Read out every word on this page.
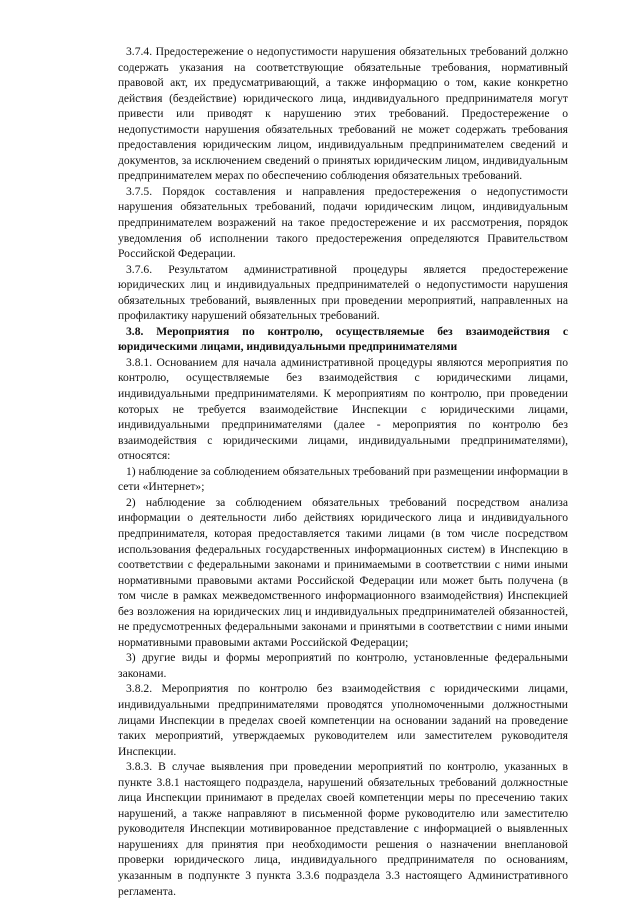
3.7.4. Предостережение о недопустимости нарушения обязательных требований должно содержать указания на соответствующие обязательные требования, нормативный правовой акт, их предусматривающий, а также информацию о том, какие конкретно действия (бездействие) юридического лица, индивидуального предпринимателя могут привести или приводят к нарушению этих требований. Предостережение о недопустимости нарушения обязательных требований не может содержать требования предоставления юридическим лицом, индивидуальным предпринимателем сведений и документов, за исключением сведений о принятых юридическим лицом, индивидуальным предпринимателем мерах по обеспечению соблюдения обязательных требований.

3.7.5. Порядок составления и направления предостережения о недопустимости нарушения обязательных требований, подачи юридическим лицом, индивидуальным предпринимателем возражений на такое предостережение и их рассмотрения, порядок уведомления об исполнении такого предостережения определяются Правительством Российской Федерации.

3.7.6. Результатом административной процедуры является предостережение юридических лиц и индивидуальных предпринимателей о недопустимости нарушения обязательных требований, выявленных при проведении мероприятий, направленных на профилактику нарушений обязательных требований.

3.8. Мероприятия по контролю, осуществляемые без взаимодействия с юридическими лицами, индивидуальными предпринимателями

3.8.1. Основанием для начала административной процедуры являются мероприятия по контролю, осуществляемые без взаимодействия с юридическими лицами, индивидуальными предпринимателями. К мероприятиям по контролю, при проведении которых не требуется взаимодействие Инспекции с юридическими лицами, индивидуальными предпринимателями (далее - мероприятия по контролю без взаимодействия с юридическими лицами, индивидуальными предпринимателями), относятся:

1) наблюдение за соблюдением обязательных требований при размещении информации в сети «Интернет»;

2) наблюдение за соблюдением обязательных требований посредством анализа информации о деятельности либо действиях юридического лица и индивидуального предпринимателя, которая предоставляется такими лицами (в том числе посредством использования федеральных государственных информационных систем) в Инспекцию в соответствии с федеральными законами и принимаемыми в соответствии с ними иными нормативными правовыми актами Российской Федерации или может быть получена (в том числе в рамках межведомственного информационного взаимодействия) Инспекцией без возложения на юридических лиц и индивидуальных предпринимателей обязанностей, не предусмотренных федеральными законами и принятыми в соответствии с ними иными нормативными правовыми актами Российской Федерации;

3) другие виды и формы мероприятий по контролю, установленные федеральными законами.

3.8.2. Мероприятия по контролю без взаимодействия с юридическими лицами, индивидуальными предпринимателями проводятся уполномоченными должностными лицами Инспекции в пределах своей компетенции на основании заданий на проведение таких мероприятий, утверждаемых руководителем или заместителем руководителя Инспекции.

3.8.3. В случае выявления при проведении мероприятий по контролю, указанных в пункте 3.8.1 настоящего подраздела, нарушений обязательных требований должностные лица Инспекции принимают в пределах своей компетенции меры по пресечению таких нарушений, а также направляют в письменной форме руководителю или заместителю руководителя Инспекции мотивированное представление с информацией о выявленных нарушениях для принятия при необходимости решения о назначении внеплановой проверки юридического лица, индивидуального предпринимателя по основаниям, указанным в подпункте 3 пункта 3.3.6 подраздела 3.3 настоящего Административного регламента.
